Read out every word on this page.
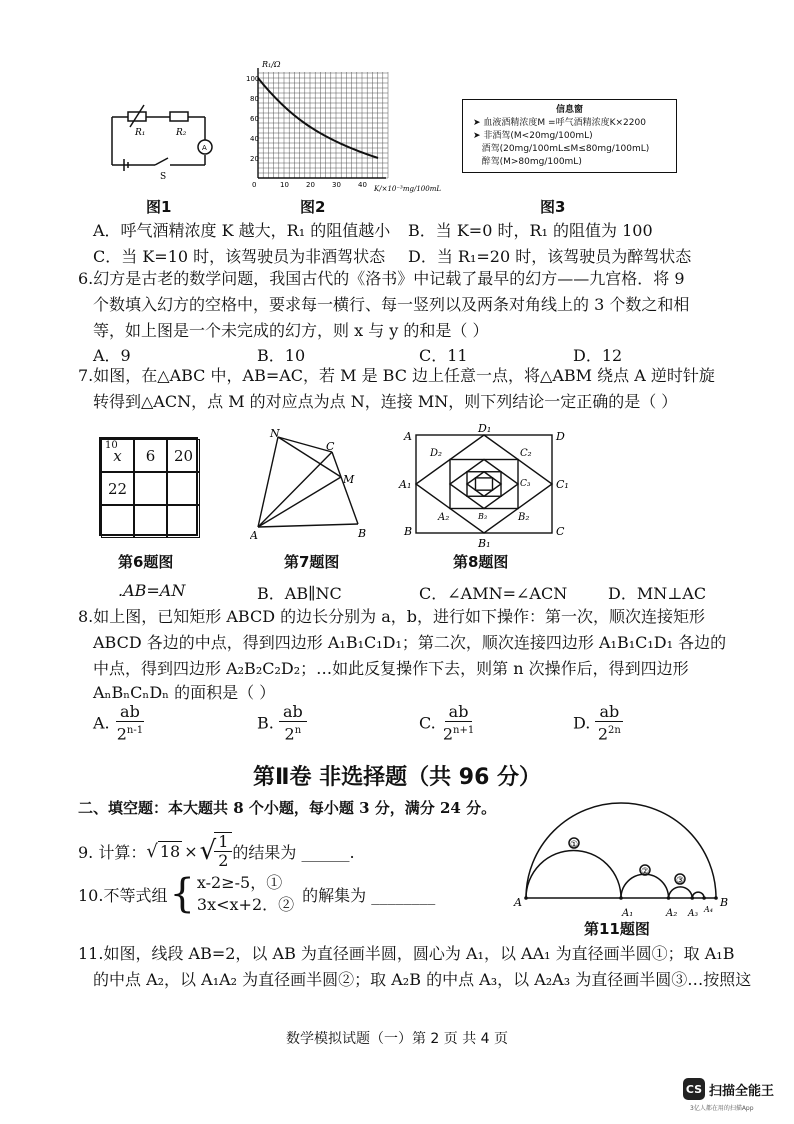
R₁	R₂
S
A
图1
R₁/Ω
K/×10⁻³mg/100mL
100
80
60
40
20
0	10 20 30 40
图2
信息窗
➤ 血液酒精浓度M =呼气酒精浓度K×2200
➤ 非酒驾(M<20mg/100mL)
酒驾(20mg/100mL≤M≤80mg/100mL)
醉驾(M>80mg/100mL)
图3
A．呼气酒精浓度 K 越大，R₁ 的阻值越小 B．当 K=0 时，R₁ 的阻值为 100
C．当 K=10 时，该驾驶员为非酒驾状态 D．当 R₁=20 时，该驾驶员为醉驾状态
6.幻方是古老的数学问题，我国古代的《洛书》中记载了最早的幻方——九宫格．将 9
个数填入幻方的空格中，要求每一横行、每一竖列以及两条对角线上的 3 个数之和相
等，如上图是一个未完成的幻方，则 x 与 y 的和是（ ）
A．9	B．10	C．11	D．12
7.如图，在△ABC 中，AB=AC，若 M 是 BC 边上任意一点，将△ABM 绕点 A 逆时针旋
转得到△ACN，点 M 的对应点为点 N，连接 MN，则下列结论一定正确的是（ ）
10
x	6	20
22
第6题图
N
C
M
A	B
第7题图
A	D
B	C
D₁
B₁
A₁	C₁
D₂	C₂
A₂	B₂
C₃
B₃
第8题图
.AB=AN	B．AB∥NC	C．∠AMN=∠ACN	D．MN⊥AC
8.如上图，已知矩形 ABCD 的边长分别为 a，b，进行如下操作：第一次，顺次连接矩形
ABCD 各边的中点，得到四边形 A₁B₁C₁D₁；第二次，顺次连接四边形 A₁B₁C₁D₁ 各边的
中点，得到四边形 A₂B₂C₂D₂；…如此反复操作下去，则第 n 次操作后，得到四边形
AₙBₙCₙDₙ 的面积是（ ）
A. $\frac{ab}{2^{n-1}}$	B. $\frac{ab}{2^n}$	C. $\frac{ab}{2^{n+1}}$	D. $\frac{ab}{2^{2n}}$
第Ⅱ卷 非选择题（共 96 分）
二、填空题：本大题共 8 个小题，每小题 3 分，满分 24 分。
9. 计算： √ 18 × √
$\frac{1}{2}$ 的结果为 ______.
10.不等式组 { x-2≥-5，①
3x<x+2．② 的解集为 ________
①
②
③
A
A₁	A₂ A₃ A₄
B
第11题图
11.如图，线段 AB=2，以 AB 为直径画半圆，圆心为 A₁，以 AA₁ 为直径画半圆①；取 A₁B
的中点 A₂，以 A₁A₂ 为直径画半圆②；取 A₂B 的中点 A₃，以 A₂A₃ 为直径画半圆③…按照这
数学模拟试题（一）第 2 页 共 4 页
CS 扫描全能王
3亿人都在用的扫描App
